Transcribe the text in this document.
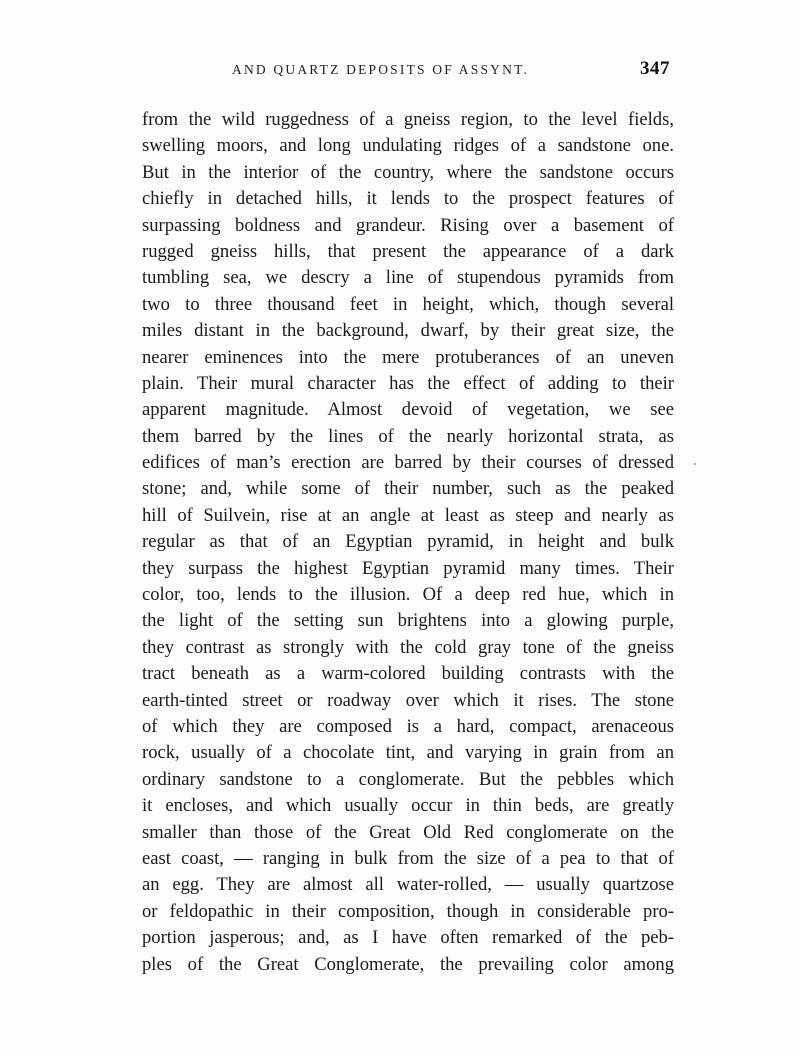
AND QUARTZ DEPOSITS OF ASSYNT.	347
from the wild ruggedness of a gneiss region, to the level fields,
swelling moors, and long undulating ridges of a sandstone one.
But in the interior of the country, where the sandstone occurs
chiefly in detached hills, it lends to the prospect features of
surpassing boldness and grandeur. Rising over a basement of
rugged gneiss hills, that present the appearance of a dark
tumbling sea, we descry a line of stupendous pyramids from
two to three thousand feet in height, which, though several
miles distant in the background, dwarf, by their great size, the
nearer eminences into the mere protuberances of an uneven
plain. Their mural character has the effect of adding to their
apparent magnitude. Almost devoid of vegetation, we see
them barred by the lines of the nearly horizontal strata, as
edifices of man’s erection are barred by their courses of dressed
stone; and, while some of their number, such as the peaked
hill of Suilvein, rise at an angle at least as steep and nearly as
regular as that of an Egyptian pyramid, in height and bulk
they surpass the highest Egyptian pyramid many times. Their
color, too, lends to the illusion. Of a deep red hue, which in
the light of the setting sun brightens into a glowing purple,
they contrast as strongly with the cold gray tone of the gneiss
tract beneath as a warm-colored building contrasts with the
earth-tinted street or roadway over which it rises. The stone
of which they are composed is a hard, compact, arenaceous
rock, usually of a chocolate tint, and varying in grain from an
ordinary sandstone to a conglomerate. But the pebbles which
it encloses, and which usually occur in thin beds, are greatly
smaller than those of the Great Old Red conglomerate on the
east coast, — ranging in bulk from the size of a pea to that of
an egg. They are almost all water-rolled, — usually quartzose
or feldopathic in their composition, though in considerable pro-
portion jasperous; and, as I have often remarked of the peb-
ples of the Great Conglomerate, the prevailing color among
